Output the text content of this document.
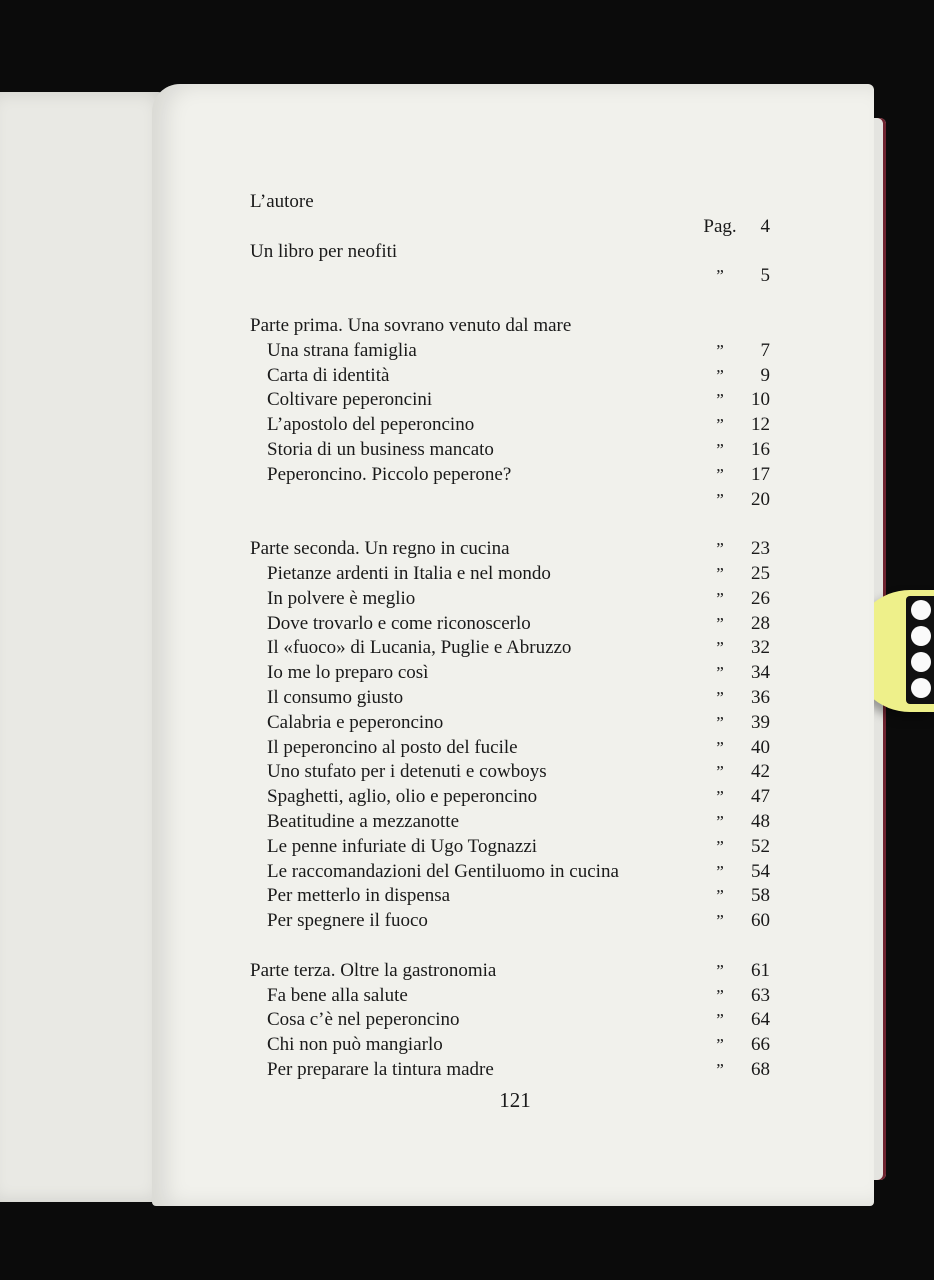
L’autore
Pag.	4
Un libro per neofiti
”	5
Parte prima. Una sovrano venuto dal mare
Una strana famiglia	”	7
Carta di identità	”	9
Coltivare peperoncini	”	10
L’apostolo del peperoncino	”	12
Storia di un business mancato	”	16
Peperoncino. Piccolo peperone?	”	17
”	20
Parte seconda. Un regno in cucina	”	23
Pietanze ardenti in Italia e nel mondo	”	25
In polvere è meglio	”	26
Dove trovarlo e come riconoscerlo	”	28
Il «fuoco» di Lucania, Puglie e Abruzzo	”	32
Io me lo preparo così	”	34
Il consumo giusto	”	36
Calabria e peperoncino	”	39
Il peperoncino al posto del fucile	”	40
Uno stufato per i detenuti e cowboys	”	42
Spaghetti, aglio, olio e peperoncino	”	47
Beatitudine a mezzanotte	”	48
Le penne infuriate di Ugo Tognazzi	”	52
Le raccomandazioni del Gentiluomo in cucina	”	54
Per metterlo in dispensa	”	58
Per spegnere il fuoco	”	60
Parte terza. Oltre la gastronomia	”	61
Fa bene alla salute	”	63
Cosa c’è nel peperoncino	”	64
Chi non può mangiarlo	”	66
Per preparare la tintura madre	”	68
121
